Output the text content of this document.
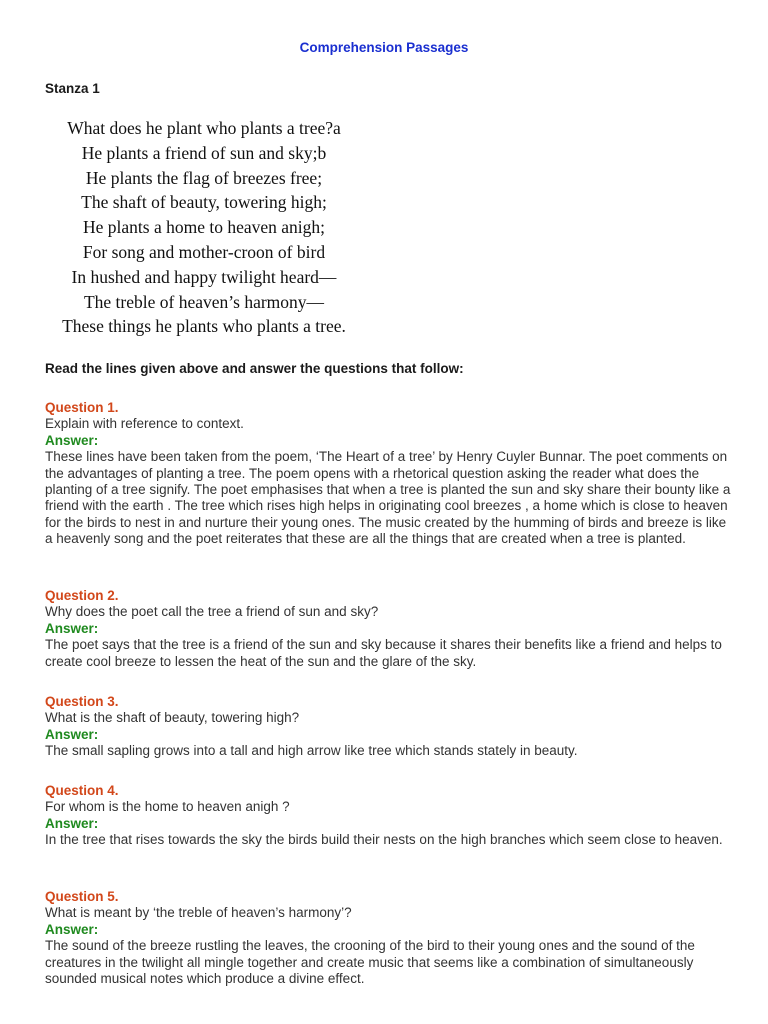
Comprehension Passages
Stanza 1
What does he plant who plants a tree?a
He plants a friend of sun and sky;b
He plants the flag of breezes free;
The shaft of beauty, towering high;
He plants a home to heaven anigh;
For song and mother-croon of bird
In hushed and happy twilight heard—
The treble of heaven’s harmony—
These things he plants who plants a tree.
Read the lines given above and answer the questions that follow:
Question 1.
Explain with reference to context.
Answer:
These lines have been taken from the poem, ‘The Heart of a tree’ by Henry Cuyler Bunnar. The poet comments on the advantages of planting a tree. The poem opens with a rhetorical question asking the reader what does the planting of a tree signify. The poet emphasises that when a tree is planted the sun and sky share their bounty like a friend with the earth . The tree which rises high helps in originating cool breezes , a home which is close to heaven for the birds to nest in and nurture their young ones. The music created by the humming of birds and breeze is like a heavenly song and the poet reiterates that these are all the things that are created when a tree is planted.
Question 2.
Why does the poet call the tree a friend of sun and sky?
Answer:
The poet says that the tree is a friend of the sun and sky because it shares their benefits like a friend and helps to create cool breeze to lessen the heat of the sun and the glare of the sky.
Question 3.
What is the shaft of beauty, towering high?
Answer:
The small sapling grows into a tall and high arrow like tree which stands stately in beauty.
Question 4.
For whom is the home to heaven anigh ?
Answer:
In the tree that rises towards the sky the birds build their nests on the high branches which seem close to heaven.
Question 5.
What is meant by ‘the treble of heaven’s harmony’?
Answer:
The sound of the breeze rustling the leaves, the crooning of the bird to their young ones and the sound of the creatures in the twilight all mingle together and create music that seems like a combination of simultaneously sounded musical notes which produce a divine effect.
